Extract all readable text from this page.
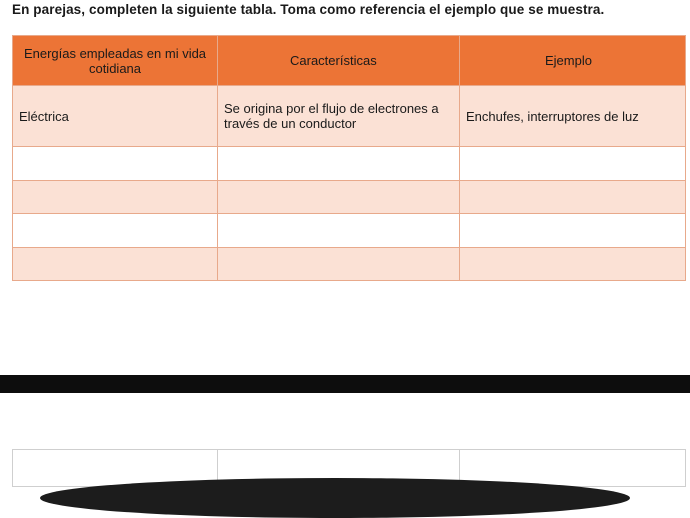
En parejas, completen la siguiente tabla. Toma como referencia el ejemplo que se muestra.
Energías empleadas en mi vida cotidiana	Características	Ejemplo
Eléctrica	Se origina por el flujo de electrones a través de un conductor	Enchufes, interruptores de luz
